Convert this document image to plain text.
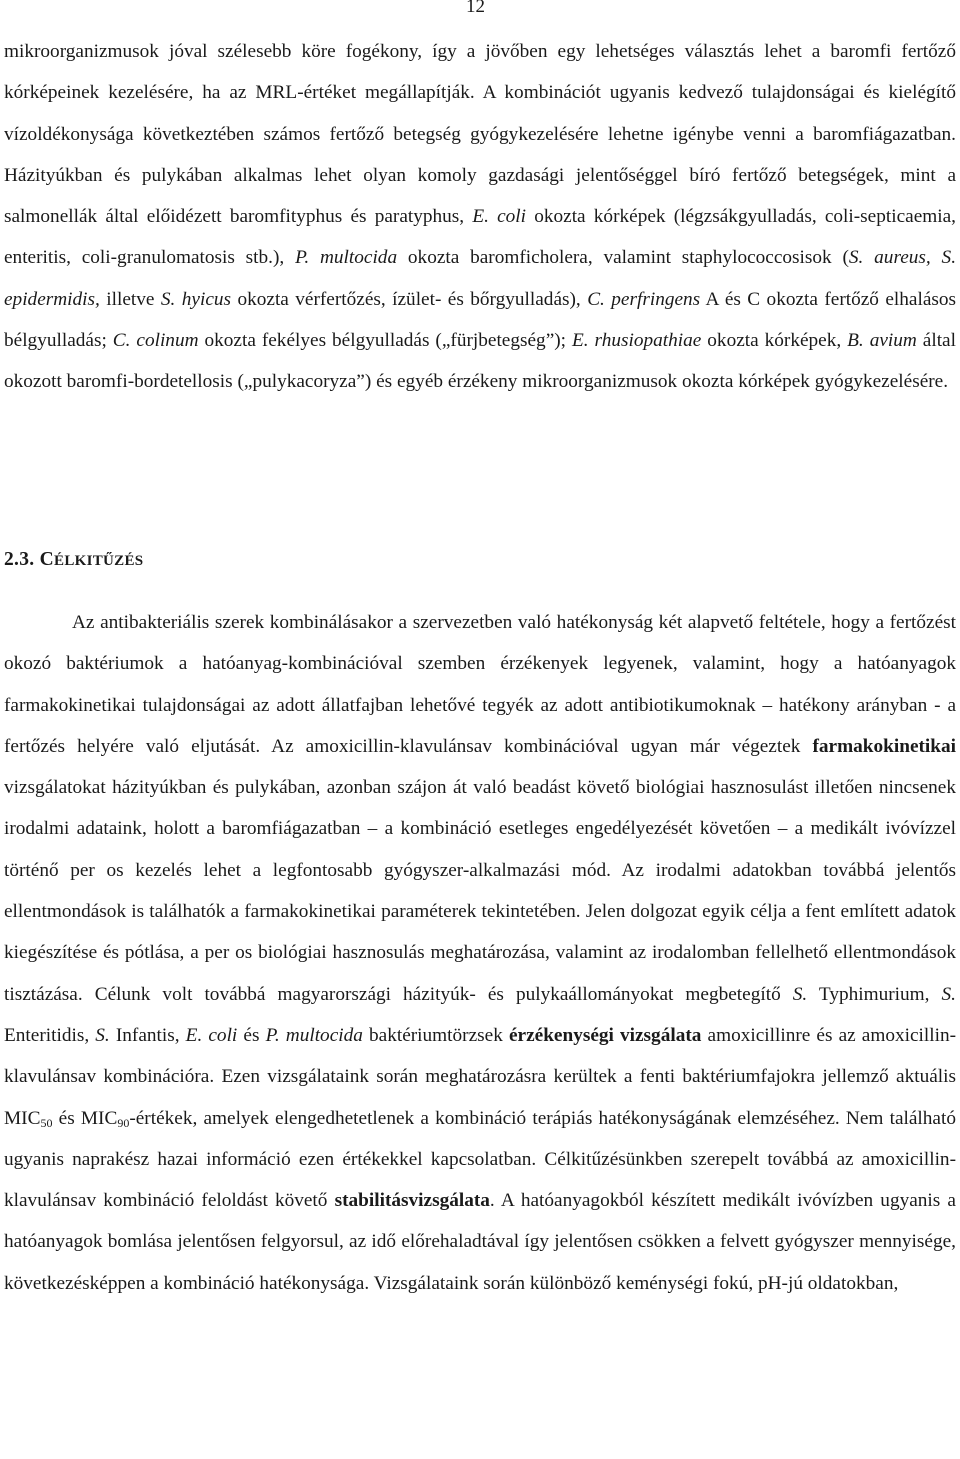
12
mikroorganizmusok jóval szélesebb köre fogékony, így a jövőben egy lehetséges választás lehet a baromfi fertőző kórképeinek kezelésére, ha az MRL-értéket megállapítják. A kombinációt ugyanis kedvező tulajdonságai és kielégítő vízoldékonysága következtében számos fertőző betegség gyógykezelésére lehetne igénybe venni a baromfiágazatban. Házityúkban és pulykában alkalmas lehet olyan komoly gazdasági jelentőséggel bíró fertőző betegségek, mint a salmonellák által előidézett baromfityphus és paratyphus, E. coli okozta kórképek (légzsákgyulladás, coli-septicaemia, enteritis, coli-granulomatosis stb.), P. multocida okozta baromficholera, valamint staphylococcosisok (S. aureus, S. epidermidis, illetve S. hyicus okozta vérfertőzés, ízület- és bőrgyulladás), C. perfringens A és C okozta fertőző elhalásos bélgyulladás; C. colinum okozta fekélyes bélgyulladás („fürjbetegség”); E. rhusiopathiae okozta kórképek, B. avium által okozott baromfi-bordetellosis („pulykacoryza”) és egyéb érzékeny mikroorganizmusok okozta kórképek gyógykezelésére.
2.3. CÉLKITŰZÉS
Az antibakteriális szerek kombinálásakor a szervezetben való hatékonyság két alapvető feltétele, hogy a fertőzést okozó baktériumok a hatóanyag-kombinációval szemben érzékenyek legyenek, valamint, hogy a hatóanyagok farmakokinetikai tulajdonságai az adott állatfajban lehetővé tegyék az adott antibiotikumoknak – hatékony arányban - a fertőzés helyére való eljutását. Az amoxicillin-klavulánsav kombinációval ugyan már végeztek farmakokinetikai vizsgálatokat házityúkban és pulykában, azonban szájon át való beadást követő biológiai hasznosulást illetően nincsenek irodalmi adataink, holott a baromfiágazatban – a kombináció esetleges engedélyezését követően – a medikált ivóvízzel történő per os kezelés lehet a legfontosabb gyógyszer-alkalmazási mód. Az irodalmi adatokban továbbá jelentős ellentmondások is találhatók a farmakokinetikai paraméterek tekintetében. Jelen dolgozat egyik célja a fent említett adatok kiegészítése és pótlása, a per os biológiai hasznosulás meghatározása, valamint az irodalomban fellelhető ellentmondások tisztázása. Célunk volt továbbá magyarországi házityúk- és pulykaállományokat megbetegítő S. Typhimurium, S. Enteritidis, S. Infantis, E. coli és P. multocida baktériumtörzsek érzékenységi vizsgálata amoxicillinre és az amoxicillin-klavulánsav kombinációra. Ezen vizsgálataink során meghatározásra kerültek a fenti baktériumfajokra jellemző aktuális $MIC_{50}$ és $MIC_{90}$-értékek, amelyek elengedhetetlenek a kombináció terápiás hatékonyságának elemzéséhez. Nem található ugyanis naprakész hazai információ ezen értékekkel kapcsolatban. Célkitűzésünkben szerepelt továbbá az amoxicillin-klavulánsav kombináció feloldást követő stabilitásvizsgálata. A hatóanyagokból készített medikált ivóvízben ugyanis a hatóanyagok bomlása jelentősen felgyorsul, az idő előrehaladtával így jelentősen csökken a felvett gyógyszer mennyisége, következésképpen a kombináció hatékonysága. Vizsgálataink során különböző keménységi fokú, pH-jú oldatokban,
